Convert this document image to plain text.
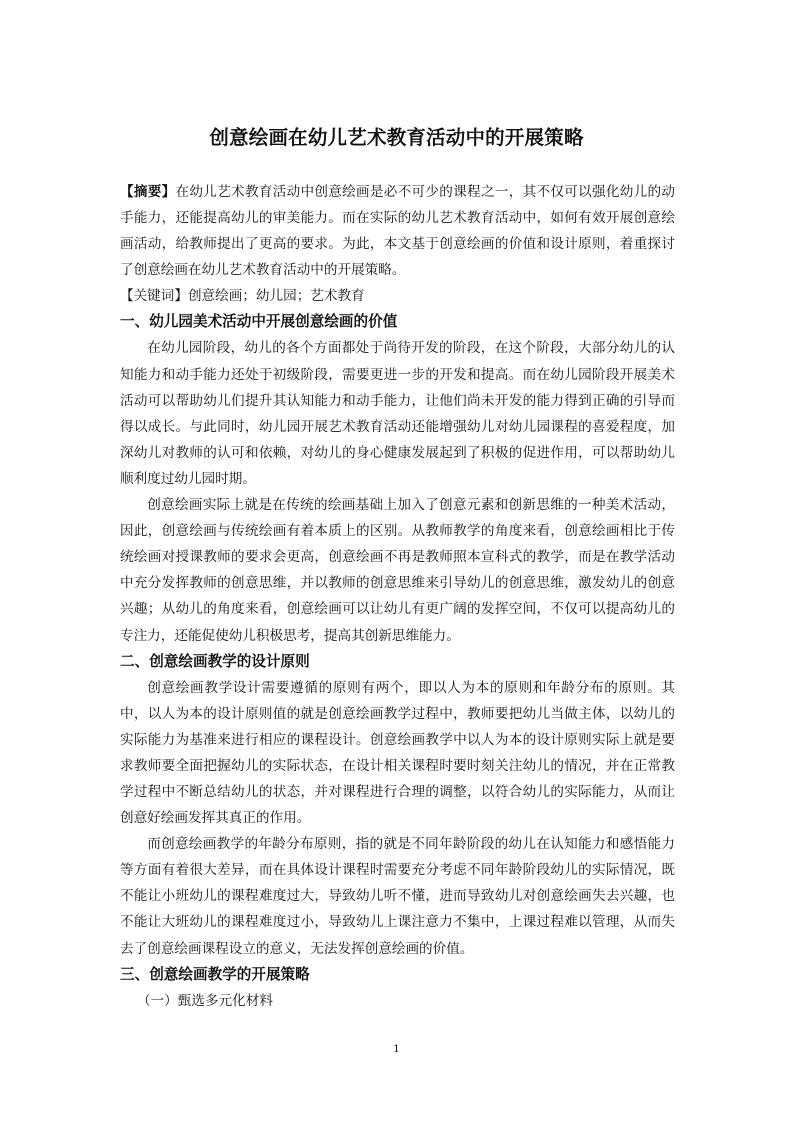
创意绘画在幼儿艺术教育活动中的开展策略

【摘要】在幼儿艺术教育活动中创意绘画是必不可少的课程之一，其不仅可以强化幼儿的动手能力，还能提高幼儿的审美能力。而在实际的幼儿艺术教育活动中，如何有效开展创意绘画活动，给教师提出了更高的要求。为此，本文基于创意绘画的价值和设计原则，着重探讨了创意绘画在幼儿艺术教育活动中的开展策略。

【关键词】创意绘画；幼儿园；艺术教育

一、幼儿园美术活动中开展创意绘画的价值

在幼儿园阶段，幼儿的各个方面都处于尚待开发的阶段，在这个阶段，大部分幼儿的认知能力和动手能力还处于初级阶段，需要更进一步的开发和提高。而在幼儿园阶段开展美术活动可以帮助幼儿们提升其认知能力和动手能力，让他们尚未开发的能力得到正确的引导而得以成长。与此同时，幼儿园开展艺术教育活动还能增强幼儿对幼儿园课程的喜爱程度，加深幼儿对教师的认可和依赖，对幼儿的身心健康发展起到了积极的促进作用，可以帮助幼儿顺利度过幼儿园时期。

创意绘画实际上就是在传统的绘画基础上加入了创意元素和创新思维的一种美术活动，因此，创意绘画与传统绘画有着本质上的区别。从教师教学的角度来看，创意绘画相比于传统绘画对授课教师的要求会更高，创意绘画不再是教师照本宣科式的教学，而是在教学活动中充分发挥教师的创意思维，并以教师的创意思维来引导幼儿的创意思维，激发幼儿的创意兴趣；从幼儿的角度来看，创意绘画可以让幼儿有更广阔的发挥空间，不仅可以提高幼儿的专注力，还能促使幼儿积极思考，提高其创新思维能力。

二、创意绘画教学的设计原则

创意绘画教学设计需要遵循的原则有两个，即以人为本的原则和年龄分布的原则。其中，以人为本的设计原则值的就是创意绘画教学过程中，教师要把幼儿当做主体，以幼儿的实际能力为基准来进行相应的课程设计。创意绘画教学中以人为本的设计原则实际上就是要求教师要全面把握幼儿的实际状态，在设计相关课程时要时刻关注幼儿的情况，并在正常教学过程中不断总结幼儿的状态，并对课程进行合理的调整，以符合幼儿的实际能力，从而让创意好绘画发挥其真正的作用。

而创意绘画教学的年龄分布原则，指的就是不同年龄阶段的幼儿在认知能力和感悟能力等方面有着很大差异，而在具体设计课程时需要充分考虑不同年龄阶段幼儿的实际情况，既不能让小班幼儿的课程难度过大，导致幼儿听不懂，进而导致幼儿对创意绘画失去兴趣，也不能让大班幼儿的课程难度过小，导致幼儿上课注意力不集中，上课过程难以管理，从而失去了创意绘画课程设立的意义，无法发挥创意绘画的价值。

三、创意绘画教学的开展策略

（一）甄选多元化材料

1
